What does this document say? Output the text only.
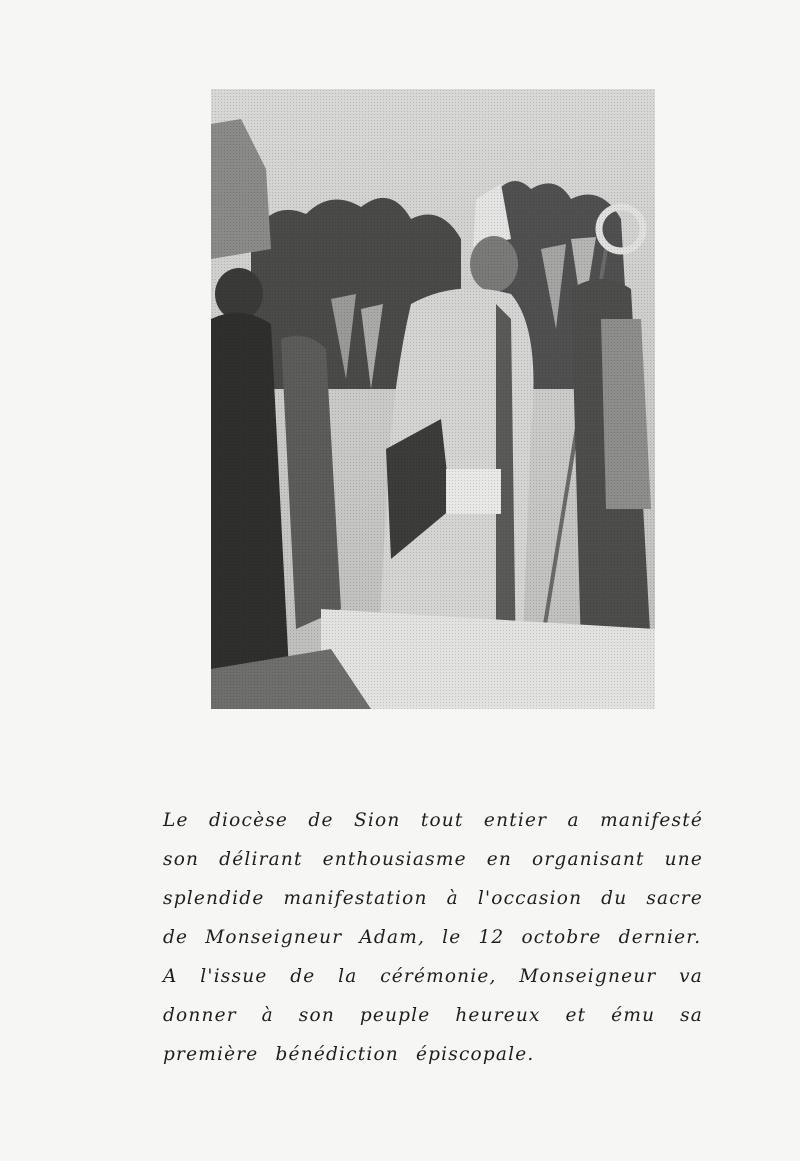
Le diocèse de Sion tout entier a manifesté son délirant enthousiasme en organisant une splendide manifestation à l'occasion du sacre de Monseigneur Adam, le 12 octobre dernier.

A l'issue de la cérémonie, Monseigneur va donner à son peuple heureux et ému sa première bénédiction épiscopale.
